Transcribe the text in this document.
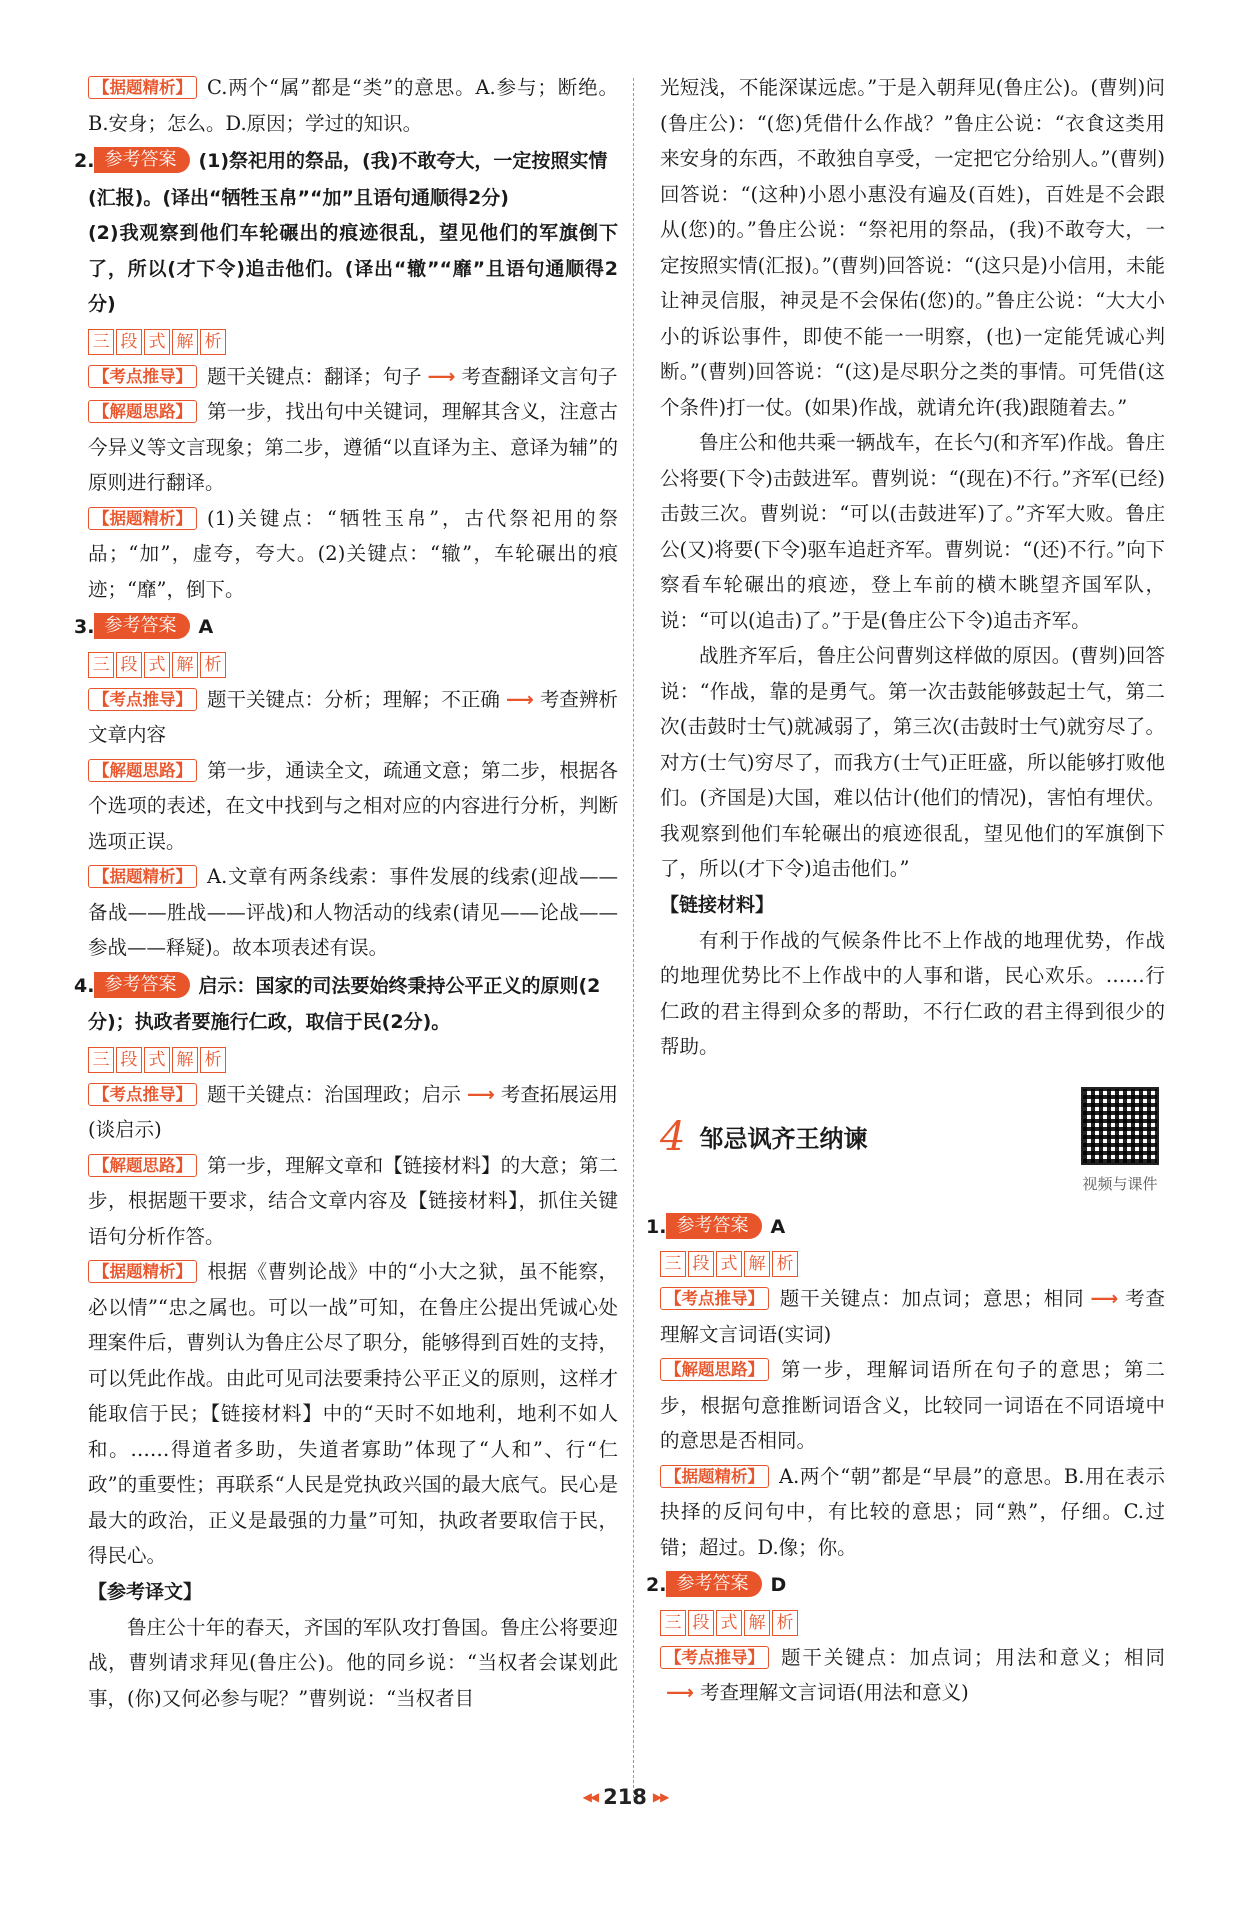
【 据题精析 】 C.两个“属”都是“类”的意思。A.参与；断绝。B.安身；怎么。D.原因；学过的知识。

2. 参考答案 (1)祭祀用的祭品，(我)不敢夸大，一定按照实情(汇报)。(译出“牺牲玉帛”“加”且语句通顺得2分)

(2)我观察到他们车轮碾出的痕迹很乱，望见他们的军旗倒下了，所以(才下令)追击他们。(译出“辙”“靡”且语句通顺得2分)

三 段 式 解 析

【 考点推导 】 题干关键点：翻译；句子 ⟶ 考查翻译文言句子

【 解题思路 】 第一步，找出句中关键词，理解其含义，注意古今异义等文言现象；第二步，遵循“以直译为主、意译为辅”的原则进行翻译。

【 据题精析 】 (1)关键点：“牺牲玉帛”，古代祭祀用的祭品；“加”，虚夸，夸大。(2)关键点：“辙”，车轮碾出的痕迹；“靡”，倒下。

3. 参考答案 A
三 段 式 解 析

【 考点推导 】 题干关键点：分析；理解；不正确 ⟶ 考查辨析文章内容

【 解题思路 】 第一步，通读全文，疏通文意；第二步，根据各个选项的表述，在文中找到与之相对应的内容进行分析，判断选项正误。

【 据题精析 】 A.文章有两条线索：事件发展的线索(迎战——备战——胜战——评战)和人物活动的线索(请见——论战——参战——释疑)。故本项表述有误。

4. 参考答案 启示：国家的司法要始终秉持公平正义的原则(2分)；执政者要施行仁政，取信于民(2分)。
三 段 式 解 析

【 考点推导 】 题干关键点：治国理政；启示 ⟶ 考查拓展运用(谈启示)

【 解题思路 】 第一步，理解文章和【链接材料】的大意；第二步，根据题干要求，结合文章内容及【链接材料】，抓住关键语句分析作答。

【 据题精析 】 根据《曹刿论战》中的“小大之狱，虽不能察，必以情”“忠之属也。可以一战”可知，在鲁庄公提出凭诚心处理案件后，曹刿认为鲁庄公尽了职分，能够得到百姓的支持，可以凭此作战。由此可见司法要秉持公平正义的原则，这样才能取信于民；【链接材料】中的“天时不如地利，地利不如人和。……得道者多助，失道者寡助”体现了“人和”、行“仁政”的重要性；再联系“人民是党执政兴国的最大底气。民心是最大的政治，正义是最强的力量”可知，执政者要取信于民，得民心。

【参考译文】

鲁庄公十年的春天，齐国的军队攻打鲁国。鲁庄公将要迎战，曹刿请求拜见(鲁庄公)。他的同乡说：“当权者会谋划此事，(你)又何必参与呢？”曹刿说：“当权者目

光短浅，不能深谋远虑。”于是入朝拜见(鲁庄公)。(曹刿)问(鲁庄公)：“(您)凭借什么作战？”鲁庄公说：“衣食这类用来安身的东西，不敢独自享受，一定把它分给别人。”(曹刿)回答说：“(这种)小恩小惠没有遍及(百姓)，百姓是不会跟从(您)的。”鲁庄公说：“祭祀用的祭品，(我)不敢夸大，一定按照实情(汇报)。”(曹刿)回答说：“(这只是)小信用，未能让神灵信服，神灵是不会保佑(您)的。”鲁庄公说：“大大小小的诉讼事件，即使不能一一明察，(也)一定能凭诚心判断。”(曹刿)回答说：“(这)是尽职分之类的事情。可凭借(这个条件)打一仗。(如果)作战，就请允许(我)跟随着去。”

鲁庄公和他共乘一辆战车，在长勺(和齐军)作战。鲁庄公将要(下令)击鼓进军。曹刿说：“(现在)不行。”齐军(已经)击鼓三次。曹刿说：“可以(击鼓进军)了。”齐军大败。鲁庄公(又)将要(下令)驱车追赶齐军。曹刿说：“(还)不行。”向下察看车轮碾出的痕迹，登上车前的横木眺望齐国军队，说：“可以(追击)了。”于是(鲁庄公下令)追击齐军。

战胜齐军后，鲁庄公问曹刿这样做的原因。(曹刿)回答说：“作战，靠的是勇气。第一次击鼓能够鼓起士气，第二次(击鼓时士气)就减弱了，第三次(击鼓时士气)就穷尽了。对方(士气)穷尽了，而我方(士气)正旺盛，所以能够打败他们。(齐国是)大国，难以估计(他们的情况)，害怕有埋伏。我观察到他们车轮碾出的痕迹很乱，望见他们的军旗倒下了，所以(才下令)追击他们。”

【链接材料】

有利于作战的气候条件比不上作战的地理优势，作战的地理优势比不上作战中的人事和谐，民心欢乐。……行仁政的君主得到众多的帮助，不行仁政的君主得到很少的帮助。

4 邹忌讽齐王纳谏
视频与课件
1. 参考答案 A
三 段 式 解 析

【 考点推导 】 题干关键点：加点词；意思；相同 ⟶ 考查理解文言词语(实词)

【 解题思路 】 第一步，理解词语所在句子的意思；第二步，根据句意推断词语含义，比较同一词语在不同语境中的意思是否相同。

【 据题精析 】 A.两个“朝”都是“早晨”的意思。B.用在表示抉择的反问句中，有比较的意思；同“熟”，仔细。C.过错；超过。D.像；你。

2. 参考答案 D
三 段 式 解 析

【 考点推导 】 题干关键点：加点词；用法和意义；相同⟶ 考查理解文言词语(用法和意义)

◀◀ 218 ▶▶
